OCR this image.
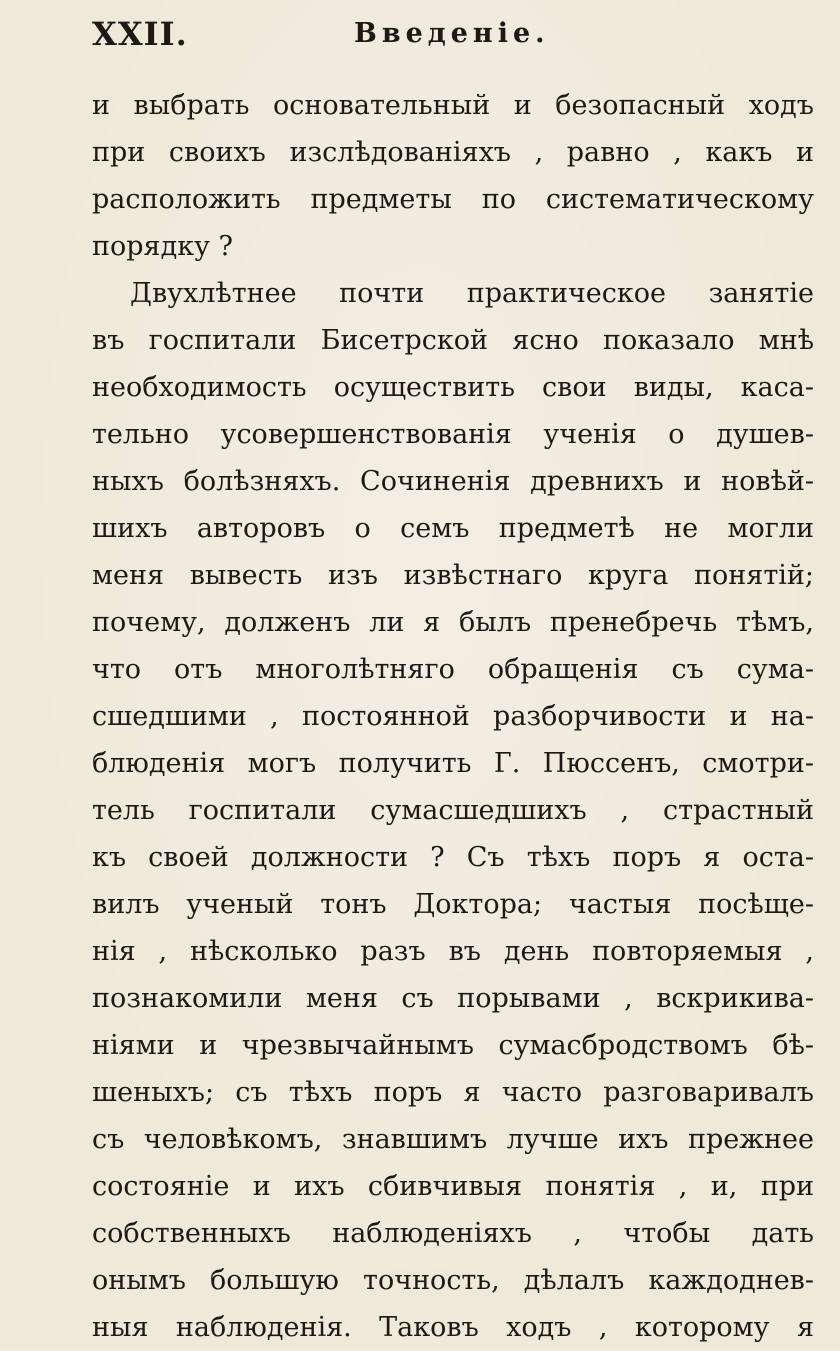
XXII.	Введеніе.
и выбрать основательный и безопасный ходъ
при своихъ изслѣдованіяхъ , равно , какъ и
расположить предметы по систематическому
порядку ?
Двухлѣтнее почти практическое занятіе
въ госпитали Бисетрской ясно показало мнѣ
необходимость осуществить свои виды, каса-
тельно усовершенствованія ученія о душев-
ныхъ болѣзняхъ. Сочиненія древнихъ и новѣй-
шихъ авторовъ о семъ предметѣ не могли
меня вывесть изъ извѣстнаго круга понятій;
почему, долженъ ли я былъ пренебречь тѣмъ,
что отъ многолѣтняго обращенія съ сума-
сшедшими , постоянной разборчивости и на-
блюденія могъ получить Г. Пюссенъ, смотри-
тель госпитали сумасшедшихъ , страстный
къ своей должности ? Съ тѣхъ поръ я оста-
вилъ ученый тонъ Доктора; частыя посѣще-
нія , нѣсколько разъ въ день повторяемыя ,
познакомили меня съ порывами , вскрикива-
ніями и чрезвычайнымъ сумасбродствомъ бѣ-
шеныхъ; съ тѣхъ поръ я часто разговаривалъ
съ человѣкомъ, знавшимъ лучше ихъ прежнее
состояніе и ихъ сбивчивыя понятія , и, при
собственныхъ наблюденіяхъ , чтобы дать
онымъ большую точность, дѣлалъ каждоднев-
ныя наблюденія. Таковъ ходъ , которому я
